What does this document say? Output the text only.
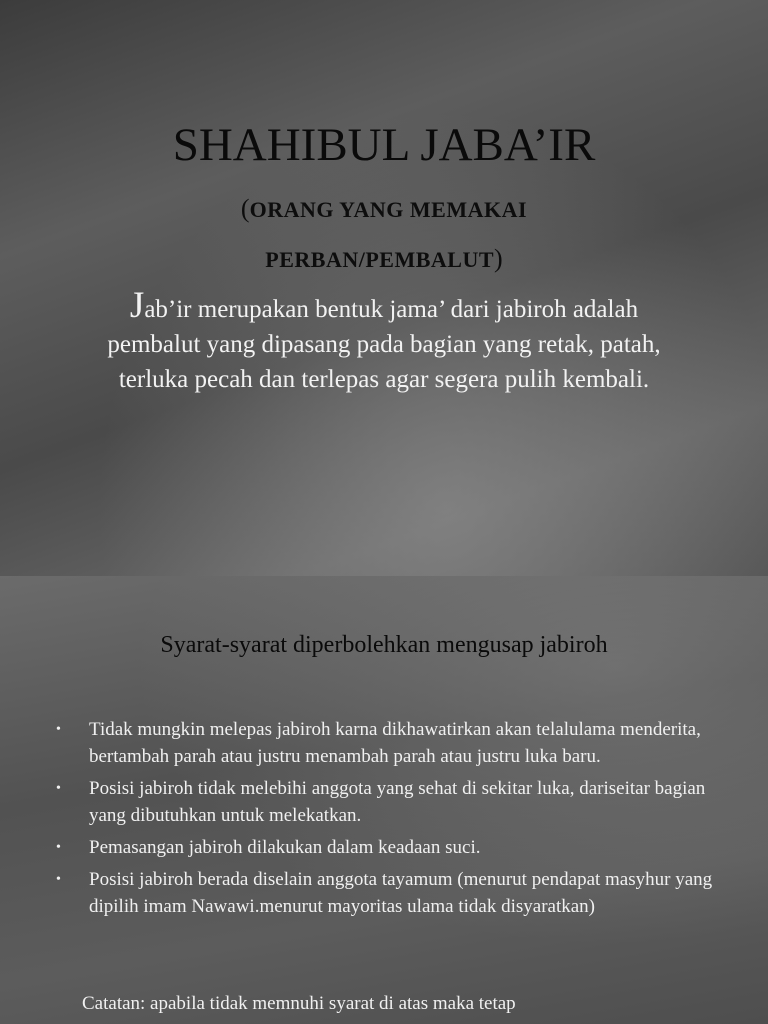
SHAHIBUL JABA’IR
(ORANG YANG MEMAKAI
PERBAN/PEMBALUT)
Jab’ir merupakan bentuk jama’ dari jabiroh adalah
pembalut yang dipasang pada bagian yang retak, patah,
terluka pecah dan terlepas agar segera pulih kembali.
Syarat-syarat diperbolehkan mengusap jabiroh
• Tidak mungkin melepas jabiroh karna dikhawatirkan akan telalulama menderita, bertambah parah atau justru menambah parah atau justru luka baru.
• Posisi jabiroh tidak melebihi anggota yang sehat di sekitar luka, dariseitar bagian yang dibutuhkan untuk melekatkan.
• Pemasangan jabiroh dilakukan dalam keadaan suci.
• Posisi jabiroh berada diselain anggota tayamum (menurut pendapat masyhur yang dipilih imam Nawawi.menurut mayoritas ulama tidak disyaratkan)
Catatan: apabila tidak memnuhi syarat di atas maka tetap
